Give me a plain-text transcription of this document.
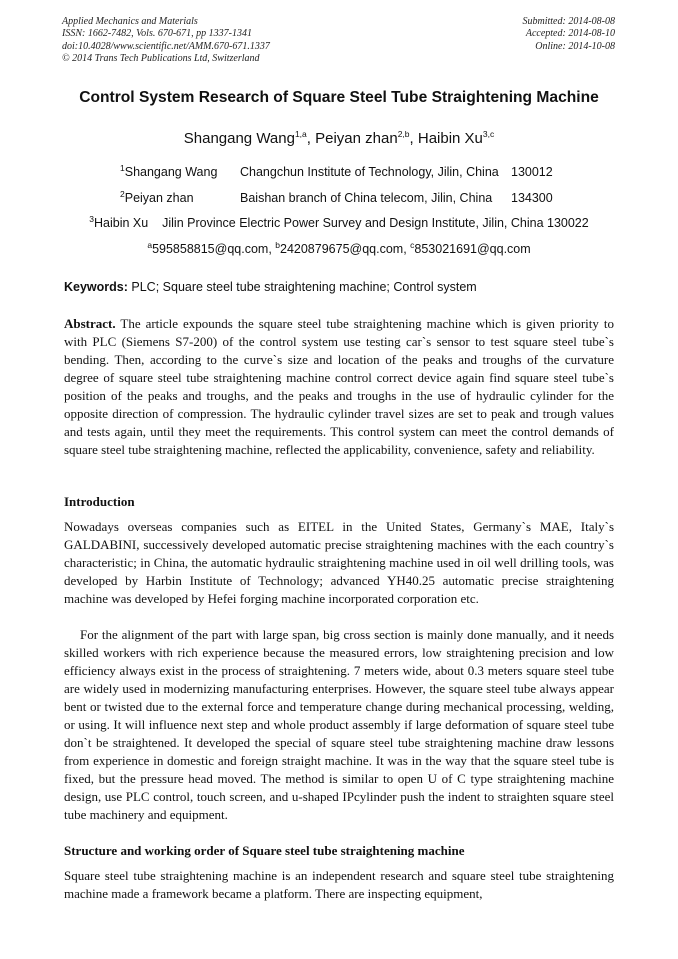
Applied Mechanics and Materials
ISSN: 1662-7482, Vols. 670-671, pp 1337-1341
doi:10.4028/www.scientific.net/AMM.670-671.1337
© 2014 Trans Tech Publications Ltd, Switzerland
Submitted: 2014-08-08
Accepted: 2014-08-10
Online: 2014-10-08
Control System Research of Square Steel Tube Straightening Machine
Shangang Wang$^{1,a}$, Peiyan zhan$^{2,b}$, Haibin Xu$^{3,c}$
$^1$Shangang Wang Changchun Institute of Technology, Jilin, China 130012
$^2$Peiyan zhan	Baishan branch of China telecom, Jilin, China 134300
$^3$Haibin Xu Jilin Province Electric Power Survey and Design Institute, Jilin, China 130022
$^a$595858815@qq.com, $^b$2420879675@qq.com, $^c$853021691@qq.com
Keywords: PLC; Square steel tube straightening machine; Control system
Abstract. The article expounds the square steel tube straightening machine which is given priority to with PLC (Siemens S7-200) of the control system use testing car`s sensor to test square steel tube`s bending. Then, according to the curve`s size and location of the peaks and troughs of the curvature degree of square steel tube straightening machine control correct device again find square steel tube`s position of the peaks and troughs, and the peaks and troughs in the use of hydraulic cylinder for the opposite direction of compression. The hydraulic cylinder travel sizes are set to peak and trough values and tests again, until they meet the requirements. This control system can meet the control demands of square steel tube straightening machine, reflected the applicability, convenience, safety and reliability.
Introduction
Nowadays overseas companies such as EITEL in the United States, Germany`s MAE, Italy`s GALDABINI, successively developed automatic precise straightening machines with the each country`s characteristic; in China, the automatic hydraulic straightening machine used in oil well drilling tools, was developed by Harbin Institute of Technology; advanced YH40.25 automatic precise straightening machine was developed by Hefei forging machine incorporated corporation etc.
For the alignment of the part with large span, big cross section is mainly done manually, and it needs skilled workers with rich experience because the measured errors, low straightening precision and low efficiency always exist in the process of straightening. 7 meters wide, about 0.3 meters square steel tube are widely used in modernizing manufacturing enterprises. However, the square steel tube always appear bent or twisted due to the external force and temperature change during mechanical processing, welding, or using. It will influence next step and whole product assembly if large deformation of square steel tube don`t be straightened. It developed the special of square steel tube straightening machine draw lessons from experience in domestic and foreign straight machine. It was in the way that the square steel tube is fixed, but the pressure head moved. The method is similar to open U of C type straightening machine design, use PLC control, touch screen, and u-shaped IPcylinder push the indent to straighten square steel tube machinery and equipment.
Structure and working order of Square steel tube straightening machine
Square steel tube straightening machine is an independent research and square steel tube straightening machine made a framework became a platform. There are inspecting equipment,
